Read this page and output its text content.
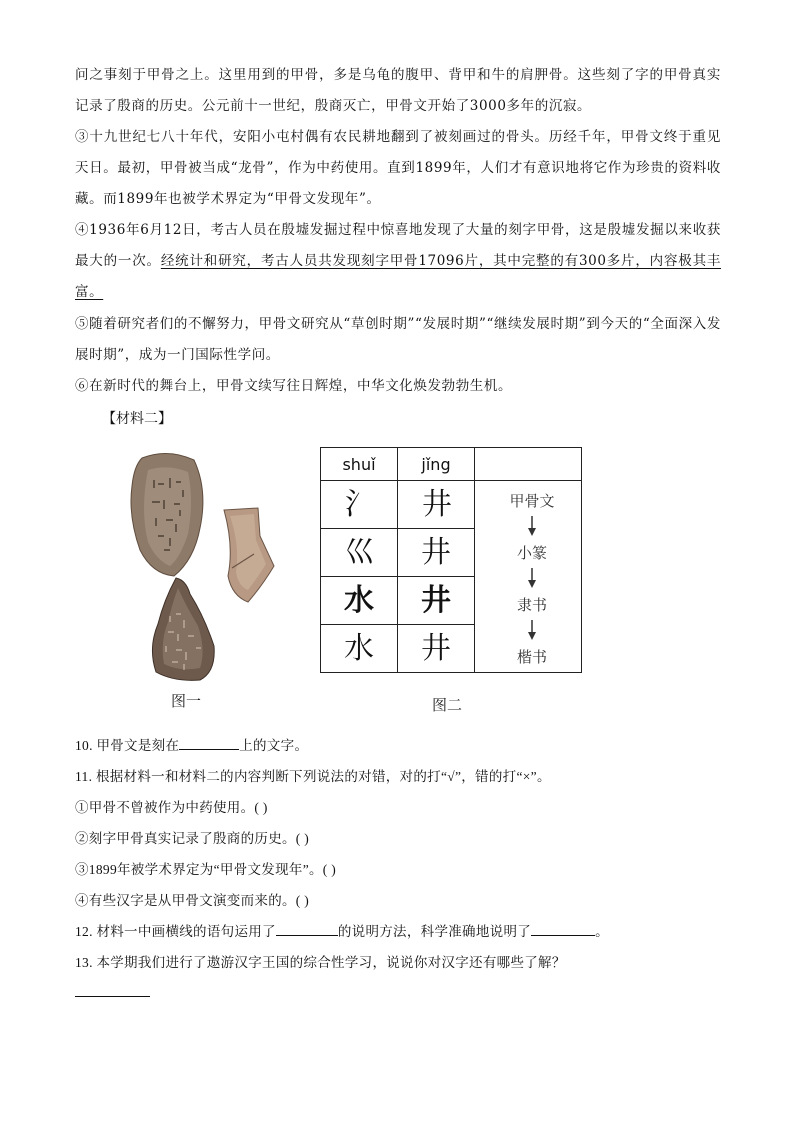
问之事刻于甲骨之上。这里用到的甲骨，多是乌龟的腹甲、背甲和牛的肩胛骨。这些刻了字的甲骨真实记录了殷商的历史。公元前十一世纪，殷商灭亡，甲骨文开始了3000多年的沉寂。

③十九世纪七八十年代，安阳小屯村偶有农民耕地翻到了被刻画过的骨头。历经千年，甲骨文终于重见天日。最初，甲骨被当成“龙骨”，作为中药使用。直到1899年，人们才有意识地将它作为珍贵的资料收藏。而1899年也被学术界定为“甲骨文发现年”。

④1936年6月12日，考古人员在殷墟发掘过程中惊喜地发现了大量的刻字甲骨，这是殷墟发掘以来收获最大的一次。经统计和研究，考古人员共发现刻字甲骨17096片，其中完整的有300多片，内容极其丰富。

⑤随着研究者们的不懈努力，甲骨文研究从“草创时期”“发展时期”“继续发展时期”到今天的“全面深入发展时期”，成为一门国际性学问。

⑥在新时代的舞台上，甲骨文续写往日辉煌，中华文化焕发勃勃生机。

【材料二】
图一
shuǐ	jǐng	
氵	井	
巛	井	
水	井	
水	井	
甲骨文
小篆
隶书
楷书
图二
10. 甲骨文是刻在	上的文字。
11. 根据材料一和材料二的内容判断下列说法的对错，对的打“√”，错的打“×”。
①甲骨不曾被作为中药使用。( )
②刻字甲骨真实记录了殷商的历史。( )
③1899年被学术界定为“甲骨文发现年”。( )
④有些汉字是从甲骨文演变而来的。( )
12. 材料一中画横线的语句运用了	的说明方法，科学准确地说明了	。
13. 本学期我们进行了遨游汉字王国的综合性学习，说说你对汉字还有哪些了解？
